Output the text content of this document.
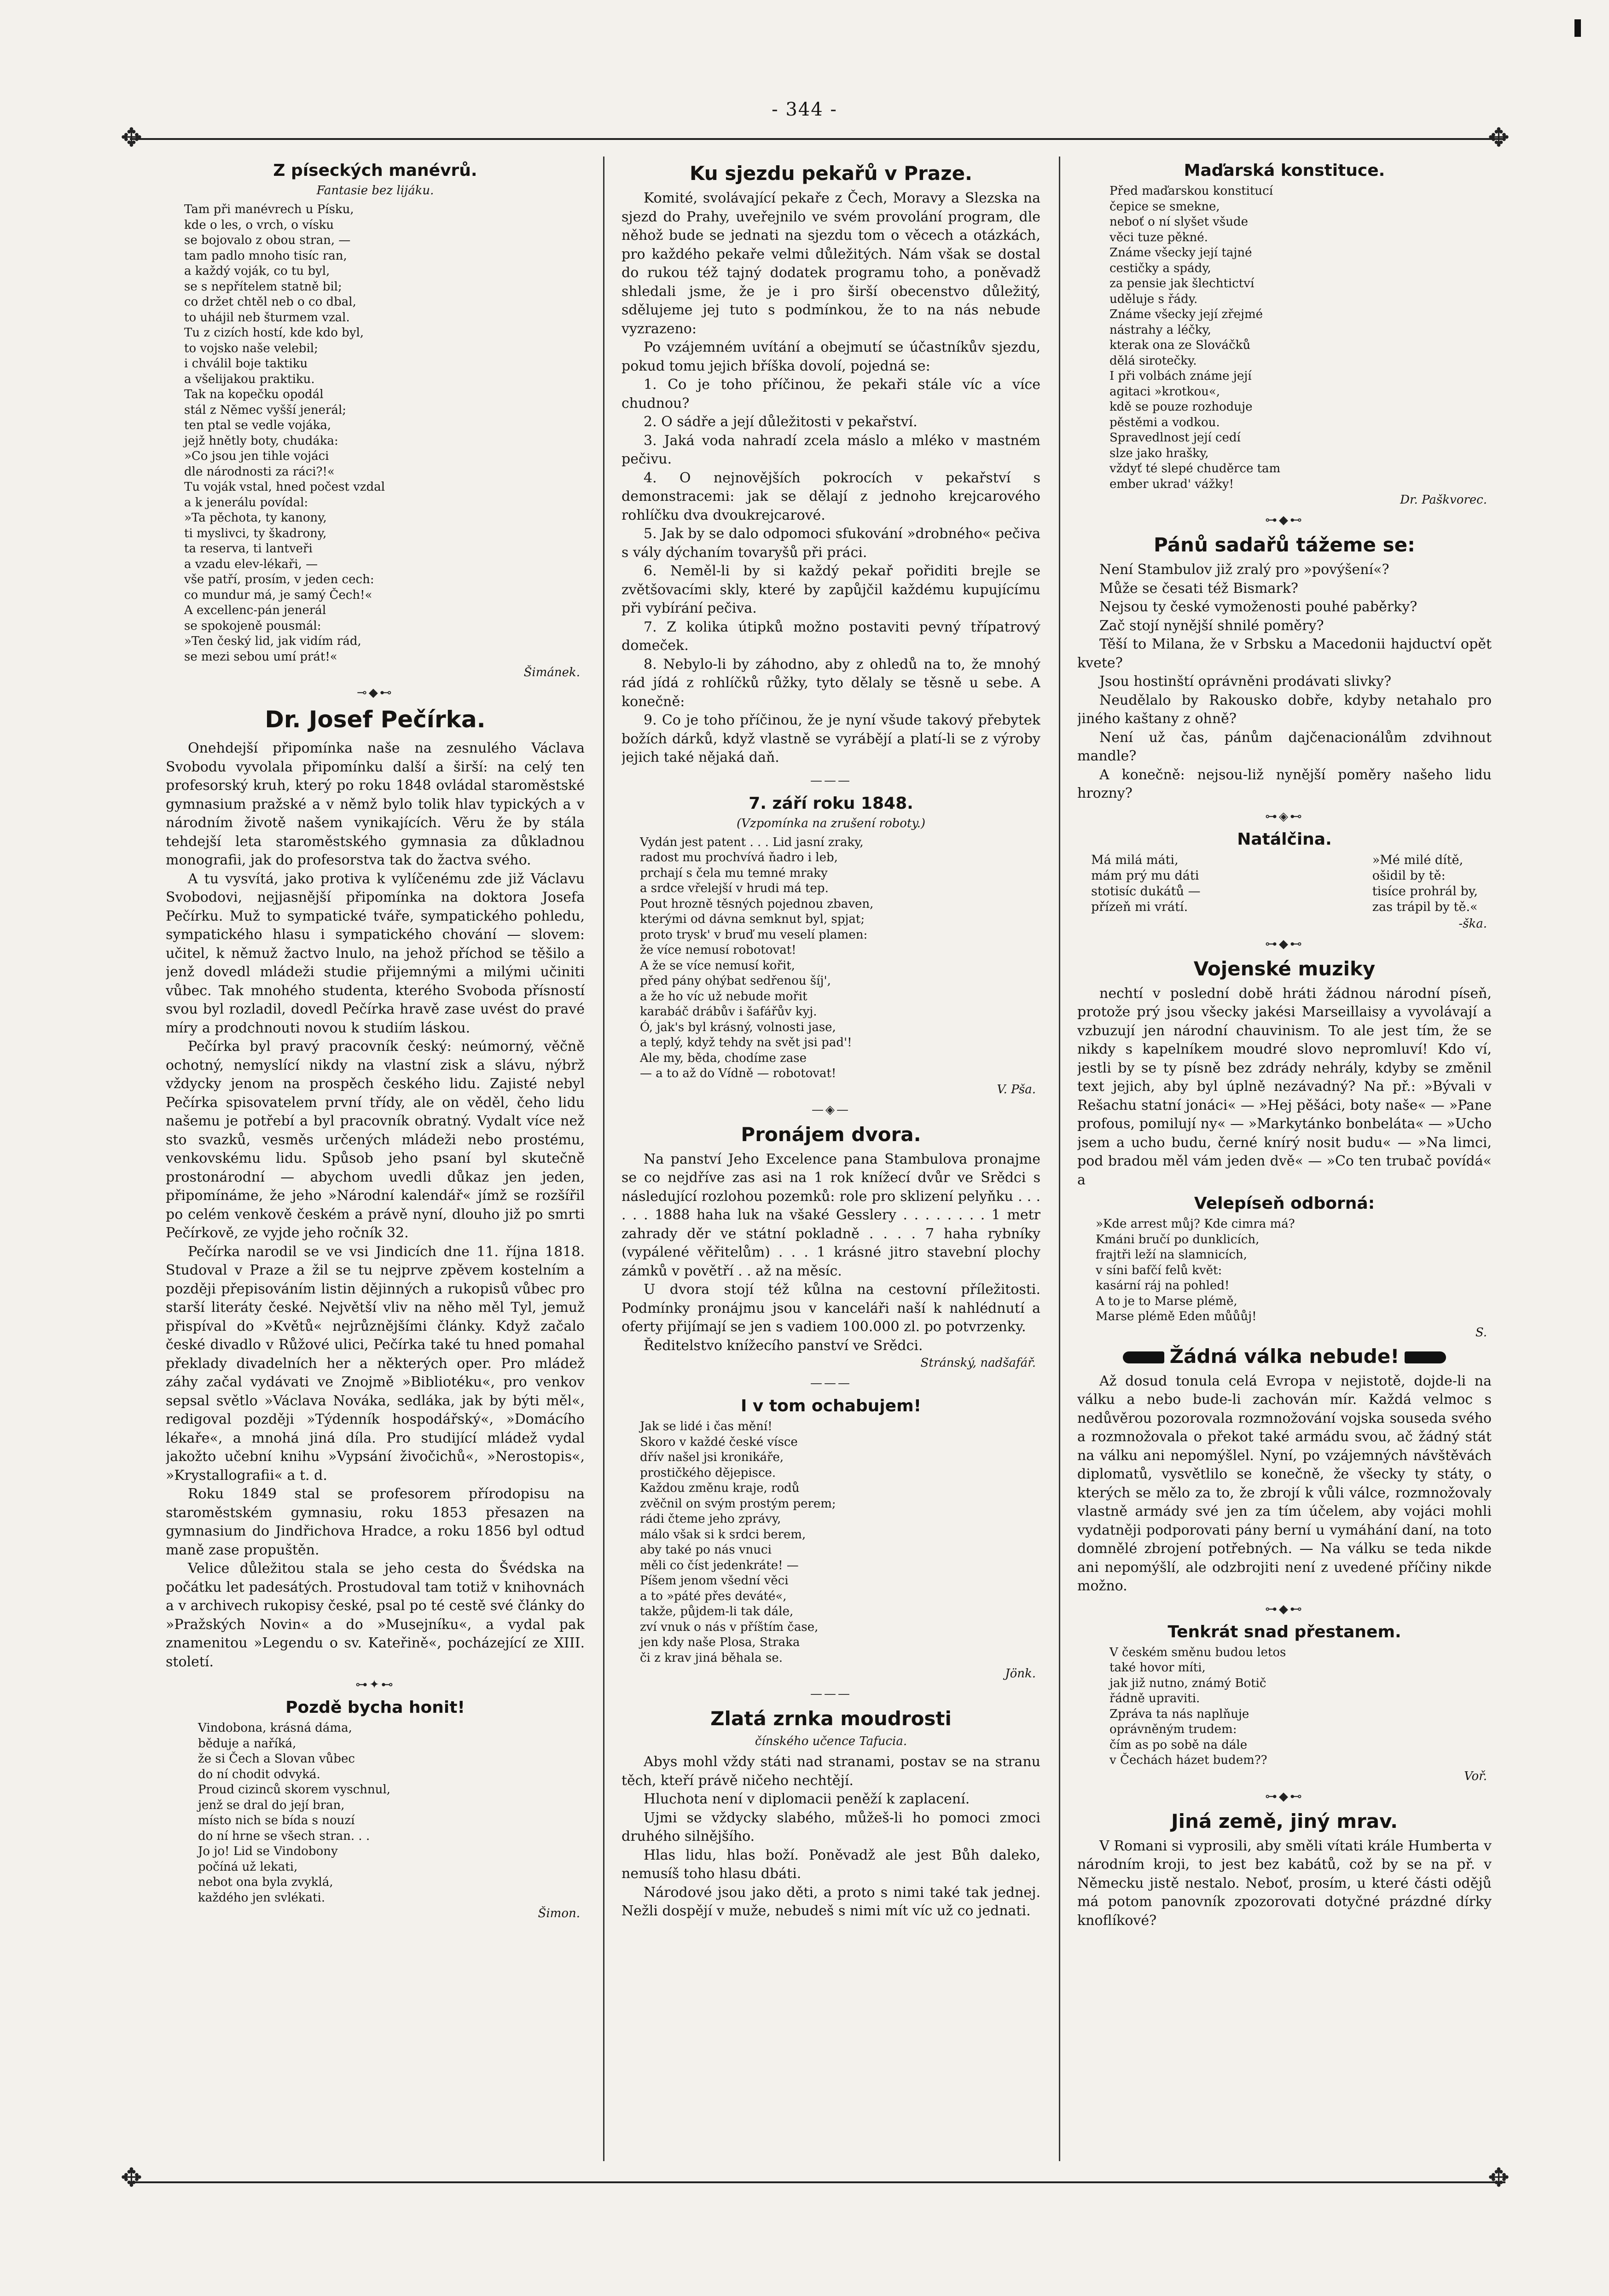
- 344 -
✥	✥
✥	✥
Z píseckých manévrů.
Fantasie bez lijáku.
Tam při manévrech u Písku,
kde o les, o vrch, o vísku
se bojovalo z obou stran, —
tam padlo mnoho tisíc ran,
a každý voják, co tu byl,
se s nepřítelem statně bil;
co držet chtěl neb o co dbal,
to uhájil neb šturmem vzal.
Tu z cizích hostí, kde kdo byl,
to vojsko naše velebil;
i chválil boje taktiku
a všelijakou praktiku.
Tak na kopečku opodál
stál z Němec vyšší jenerál;
ten ptal se vedle vojáka,
jejž hnětly boty, chudáka:
»Co jsou jen tihle vojáci
dle národnosti za ráci?!«
Tu voják vstal, hned počest vzdal
a k jenerálu povídal:
»Ta pěchota, ty kanony,
ti myslivci, ty škadrony,
ta reserva, ti lantveři
a vzadu elev-lékaři, —
vše patří, prosím, v jeden cech:
co mundur má, je samý Čech!«
A excellenc-pán jenerál
se spokojeně pousmál:
»Ten český lid, jak vidím rád,
se mezi sebou umí prát!«
Šimánek.
⊸◆⊷
Dr. Josef Pečírka.

Onehdejší připomínka naše na zesnulého Václava Svobodu vyvolala připomínku další a širší: na celý ten profesorský kruh, který po roku 1848 ovládal staroměstské gymnasium pražské a v němž bylo tolik hlav typických a v národním životě našem vynikajících. Věru že by stála tehdejší leta staroměstského gymnasia za důkladnou monografii, jak do profesorstva tak do žactva svého.

A tu vysvítá, jako protiva k vylíčenému zde již Václavu Svobodovi, nejjasnější připomínka na doktora Josefa Pečírku. Muž to sympatické tváře, sympatického pohledu, sympatického hlasu i sympatického chování — slovem: učitel, k němuž žactvo lnulo, na jehož příchod se těšilo a jenž dovedl mládeži studie přijemnými a milými učiniti vůbec. Tak mnohého studenta, kterého Svoboda přísností svou byl rozladil, dovedl Pečírka hravě zase uvést do pravé míry a prodchnouti novou k studiím láskou.

Pečírka byl pravý pracovník český: neúmorný, věčně ochotný, nemyslící nikdy na vlastní zisk a slávu, nýbrž vždycky jenom na prospěch českého lidu. Zajisté nebyl Pečírka spisovatelem první třídy, ale on věděl, čeho lidu našemu je potřebí a byl pracovník obratný. Vydalt více než sto svazků, vesměs určených mládeži nebo prostému, venkovskému lidu. Spůsob jeho psaní byl skutečně prostonárodní — abychom uvedli důkaz jen jeden, připomínáme, že jeho »Národní kalendář« jímž se rozšířil po celém venkově českém a právě nyní, dlouho již po smrti Pečírkově, ze vyjde jeho ročník 32.

Pečírka narodil se ve vsi Jindicích dne 11. října 1818. Studoval v Praze a žil se tu nejprve zpěvem kostelním a později přepisováním listin dějinných a rukopisů vůbec pro starší literáty české. Největší vliv na něho měl Tyl, jemuž přispíval do »Květů« nejrůznějšími články. Když začalo české divadlo v Růžové ulici, Pečírka také tu hned pomahal překlady divadelních her a některých oper. Pro mládež záhy začal vydávati ve Znojmě »Bibliotéku«, pro venkov sepsal světlo »Václava Nováka, sedláka, jak by býti měl«, redigoval později »Týdenník hospodářský«, »Domácího lékaře«, a mnohá jiná díla. Pro studijící mládež vydal jakožto učební knihu »Vypsání živočichů«, »Nerostopis«, »Krystallografii« a t. d.

Roku 1849 stal se profesorem přírodopisu na staroměstském gymnasiu, roku 1853 přesazen na gymnasium do Jindřichova Hradce, a roku 1856 byl odtud maně zase propuštěn.

Velice důležitou stala se jeho cesta do Švédska na počátku let padesátých. Prostudoval tam totiž v knihovnách a v archivech rukopisy české, psal po té cestě své články do »Pražských Novin« a do »Musejníku«, a vydal pak znamenitou »Legendu o sv. Kateřině«, pocházející ze XIII. století.

⊶✦⊷
Pozdě bycha honit!
Vindobona, krásná dáma,
běduje a naříká,
že si Čech a Slovan vůbec
do ní chodit odvyká.
Proud cizinců skorem vyschnul,
jenž se dral do její bran,
místo nich se bída s nouzí
do ní hrne se všech stran. . .
Jo jo! Lid se Vindobony
počíná už lekati,
nebot ona byla zvyklá,
každého jen svlékati.
Šimon.
Ku sjezdu pekařů v Praze.

Komité, svolávající pekaře z Čech, Moravy a Slezska na sjezd do Prahy, uveřejnilo ve svém provolání program, dle něhož bude se jednati na sjezdu tom o věcech a otázkách, pro každého pekaře velmi důležitých. Nám však se dostal do rukou též tajný dodatek programu toho, a poněvadž shledali jsme, že je i pro širší obecenstvo důležitý, sdělujeme jej tuto s podmínkou, že to na nás nebude vyzrazeno:

Po vzájemném uvítání a obejmutí se účastníkův sjezdu, pokud tomu jejich bříška dovolí, pojedná se:

1. Co je toho příčinou, že pekaři stále víc a více chudnou?

2. O sádře a její důležitosti v pekařství.

3. Jaká voda nahradí zcela máslo a mléko v mastném pečivu.

4. O nejnovějších pokrocích v pekařství s demonstracemi: jak se dělají z jednoho krejcarového rohlíčku dva dvoukrejcarové.

5. Jak by se dalo odpomoci sfukování »drobného« pečiva s vály dýchaním tovaryšů při práci.

6. Neměl-li by si každý pekař pořiditi brejle se zvětšovacími skly, které by zapůjčil každému kupujícímu při vybírání pečiva.

7. Z kolika útipků možno postaviti pevný třípatrový domeček.

8. Nebylo-li by záhodno, aby z ohledů na to, že mnohý rád jídá z rohlíčků růžky, tyto dělaly se těsně u sebe. A konečně:

9. Co je toho příčinou, že je nyní všude takový přebytek božích dárků, když vlastně se vyrábějí a platí-li se z výroby jejich také nějaká daň.

———
7. září roku 1848.
(Vzpomínka na zrušení roboty.)
Vydán jest patent . . . Lid jasní zraky,
radost mu prochvívá ňadro i leb,
prchají s čela mu temné mraky
a srdce vřelejší v hrudi má tep.
Pout hrozně těsných pojednou zbaven,
kterými od dávna semknut byl, spjat;
proto trysk' v bruď mu veselí plamen:
že více nemusí robotovat!
A že se více nemusí kořit,
před pány ohýbat sedřenou šíj',
a že ho víc už nebude mořit
karabáč drábův i šafářův kyj.
Ó, jak's byl krásný, volnosti jase,
a teplý, když tehdy na svět jsi pad'!
Ale my, běda, chodíme zase
— a to až do Vídně — robotovat!
V. Pša.
—◈—
Pronájem dvora.

Na panství Jeho Excelence pana Stambulova pronajme se co nejdříve zas asi na 1 rok knížecí dvůr ve Srědci s následující rozlohou pozemků: role pro sklizení pelyňku . . . . . . 1888 haha luk na všaké Gesslery . . . . . . . . 1 metr zahrady děr ve státní pokladně . . . . 7 haha rybníky (vypálené věřitelům) . . . 1 krásné jitro stavební plochy zámků v povětří . . až na měsíc.

U dvora stojí též kůlna na cestovní příležitosti. Podmínky pronájmu jsou v kanceláři naší k nahlédnutí a oferty přijímají se jen s vadiem 100.000 zl. po potvrzenky.

Ředitelstvo knížecího panství ve Srědci.

Stránský, nadšafář.
———
I v tom ochabujem!
Jak se lidé i čas mění!
Skoro v každé české vísce
dřív našel jsi kronikáře,
prostičkého dějepisce.
Každou změnu kraje, rodů
zvěčnil on svým prostým perem;
rádi čteme jeho zprávy,
málo však si k srdci berem,
aby také po nás vnuci
měli co číst jedenkráte! —
Píšem jenom všední věci
a to »páté přes deváté«,
takže, půjdem-li tak dále,
zví vnuk o nás v příštím čase,
jen kdy naše Plosa, Straka
či z krav jiná běhala se.
Jönk.
———
Zlatá zrnka moudrosti
čínského učence Tafucia.

Abys mohl vždy státi nad stranami, postav se na stranu těch, kteří právě ničeho nechtějí.

Hluchota není v diplomacii peněží k zaplacení.

Ujmi se vždycky slabého, můžeš-li ho pomoci zmoci druhého silnějšího.

Hlas lidu, hlas boží. Poněvadž ale jest Bůh daleko, nemusíš toho hlasu dbáti.

Národové jsou jako děti, a proto s nimi také tak jednej. Nežli dospějí v muže, nebudeš s nimi mít víc už co jednati.

Maďarská konstituce.
Před maďarskou konstitucí
čepice se smekne,
neboť o ní slyšet všude
věci tuze pěkné.
Známe všecky její tajné
cestičky a spády,
za pensie jak šlechtictví
uděluje s řády.
Známe všecky její zřejmé
nástrahy a léčky,
kterak ona ze Slováčků
dělá sirotečky.
I při volbách známe její
agitaci »krotkou«,
kdě se pouze rozhoduje
pěstěmi a vodkou.
Spravedlnost její cedí
slze jako hrašky,
vždyť té slepé chuděrce tam
ember ukrad' vážky!
Dr. Paškvorec.
⊶◆⊷
Pánů sadařů tážeme se:

Není Stambulov již zralý pro »povýšení«?

Může se česati též Bismark?

Nejsou ty české vymoženosti pouhé paběrky?

Zač stojí nynější shnilé poměry?

Těší to Milana, že v Srbsku a Macedonii hajductví opět kvete?

Jsou hostinští oprávněni prodávati slivky?

Neudělalo by Rakousko dobře, kdyby netahalo pro jiného kaštany z ohně?

Není už čas, pánům dajčenacionálům zdvihnout mandle?

A konečně: nejsou-liž nynější poměry našeho lidu hrozny?

⊶◈⊷
Natálčina.
Má milá máti,
mám prý mu dáti
stotisíc dukátů —
přízeň mi vrátí.
»Mé milé dítě,
ošidil by tě:
tisíce prohrál by,
zas trápil by tě.«
-ška.
⊶◆⊷
Vojenské muziky

nechtí v poslední době hráti žádnou národní píseň, protože prý jsou všecky jakési Marseillaisy a vyvolávají a vzbuzují jen národní chauvinism. To ale jest tím, že se nikdy s kapelníkem moudré slovo nepromluví! Kdo ví, jestli by se ty písně bez zdrády nehrály, kdyby se změnil text jejich, aby byl úplně nezávadný? Na př.: »Bývali v Rešachu statní jonáci« — »Hej pěšáci, boty naše« — »Pane profous, pomilují ny« — »Markytánko bonbeláta« — »Ucho jsem a ucho budu, černé knírý nosit budu« — »Na limci, pod bradou měl vám jeden dvě« — »Co ten trubač povídá« a

Velepíseň odborná:
»Kde arrest můj? Kde cimra má?
Kmáni bručí po dunklicích,
frajtři leží na slamnicích,
v síni bafčí felů květ:
kasární ráj na pohled!
A to je to Marse plémě,
Marse plémě Eden můůůj!
S.
Žádná válka nebude!

Až dosud tonula celá Evropa v nejistotě, dojde-li na válku a nebo bude-li zachován mír. Každá velmoc s nedůvěrou pozorovala rozmnožování vojska souseda svého a rozmnožovala o překot také armádu svou, ač žádný stát na válku ani nepomýšlel. Nyní, po vzájemných návštěvách diplomatů, vysvětlilo se konečně, že všecky ty státy, o kterých se mělo za to, že zbrojí k vůli válce, rozmnožovaly vlastně armády své jen za tím účelem, aby vojáci mohli vydatněji podporovati pány berní u vymáhání daní, na toto domnělé zbrojení potřebných. — Na válku se teda nikde ani nepomýšlí, ale odzbrojiti není z uvedené příčiny nikde možno.

⊶◆⊷
Tenkrát snad přestanem.
V českém směnu budou letos
také hovor míti,
jak již nutno, známý Botič
řádně upraviti.
Zpráva ta nás naplňuje
oprávněným trudem:
čím as po sobě na dále
v Čechách házet budem??
Voř.
⊶◆⊷
Jiná země, jiný mrav.

V Romani si vyprosili, aby směli vítati krále Humberta v národním kroji, to jest bez kabátů, což by se na př. v Německu jistě nestalo. Neboť, prosím, u které části odějů má potom panovník zpozorovati dotyčné prázdné dírky knoflíkové?
